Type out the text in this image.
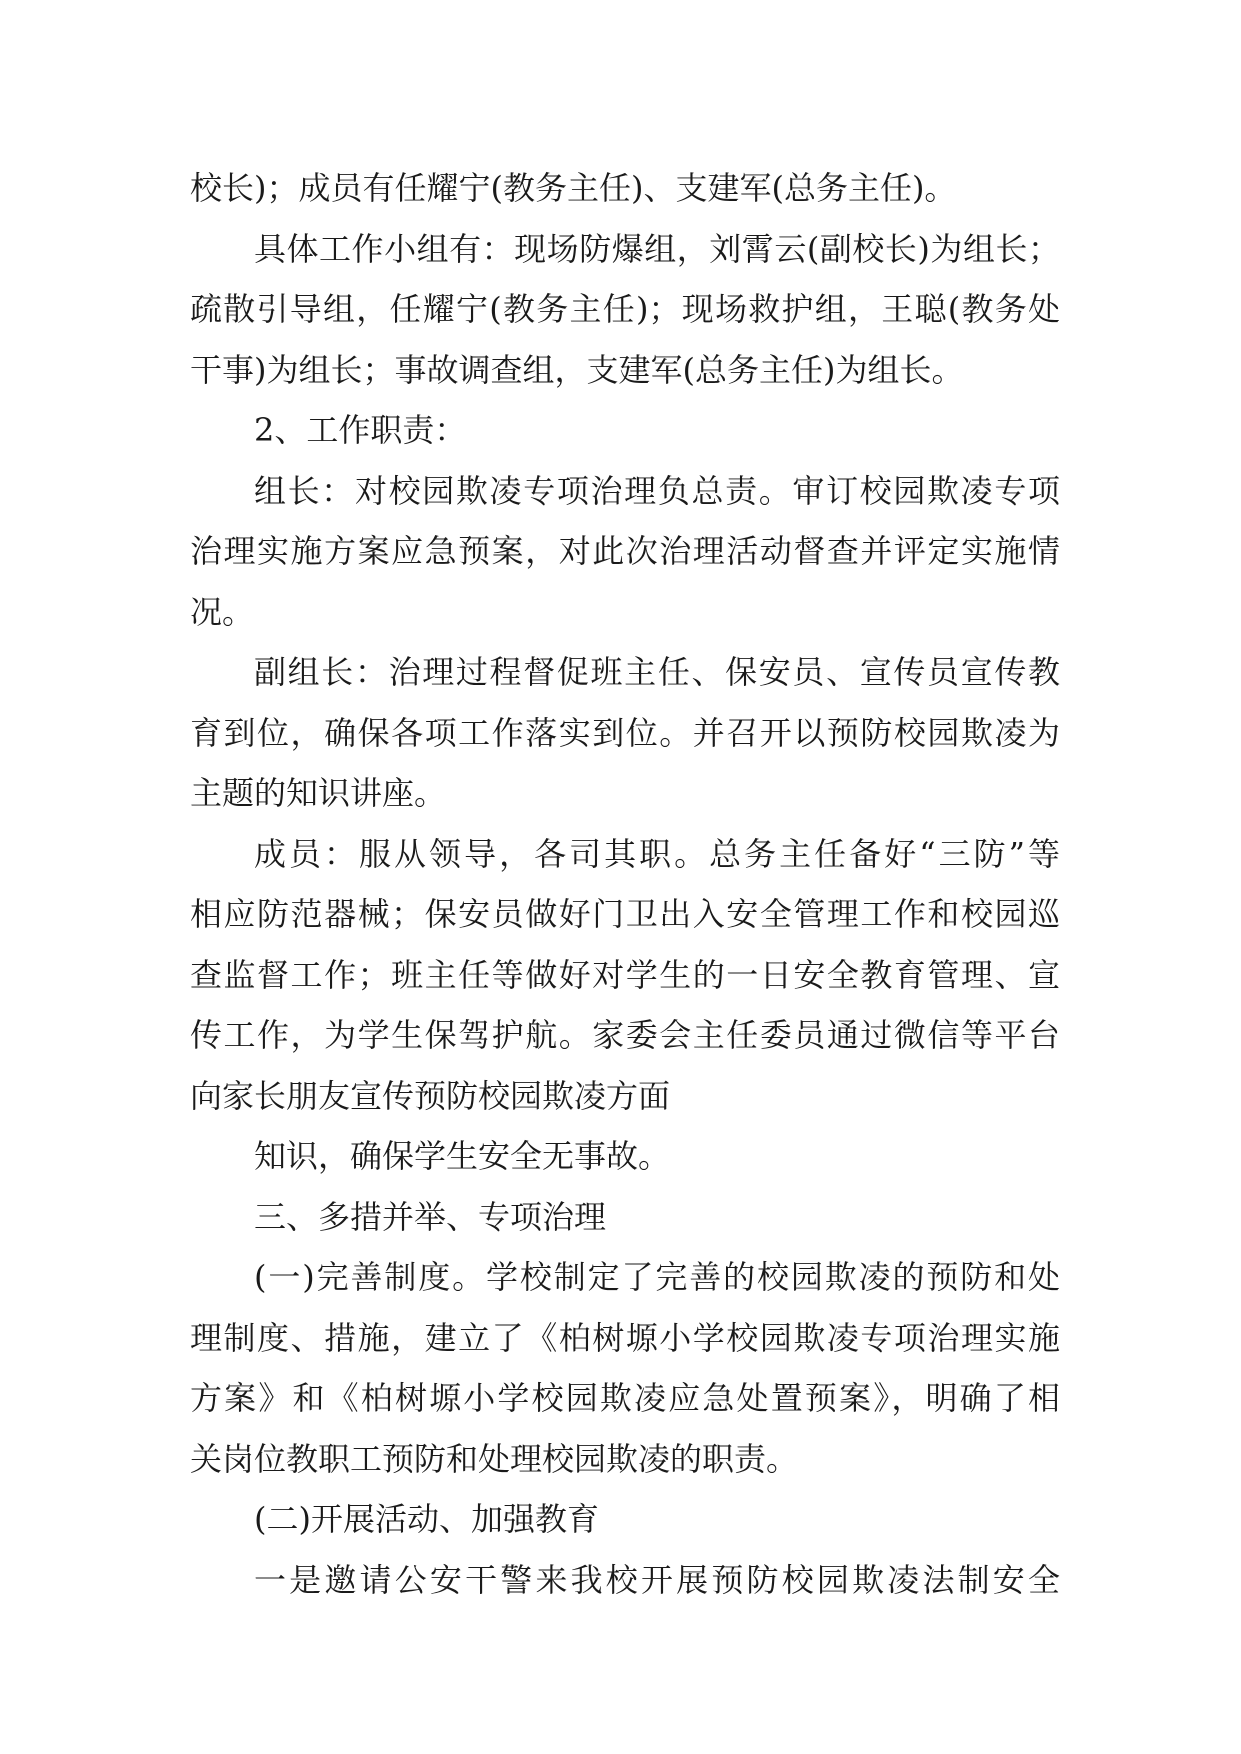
校长)；成员有任耀宁(教务主任)、支建军(总务主任)。
具体工作小组有：现场防爆组，刘霄云(副校长)为组长；
疏散引导组，任耀宁(教务主任)；现场救护组，王聪(教务处
干事)为组长；事故调查组，支建军(总务主任)为组长。
2、工作职责：
组长：对校园欺凌专项治理负总责。审订校园欺凌专项
治理实施方案应急预案，对此次治理活动督查并评定实施情
况。
副组长：治理过程督促班主任、保安员、宣传员宣传教
育到位，确保各项工作落实到位。并召开以预防校园欺凌为
主题的知识讲座。
成员：服从领导，各司其职。总务主任备好“三防”等
相应防范器械；保安员做好门卫出入安全管理工作和校园巡
查监督工作；班主任等做好对学生的一日安全教育管理、宣
传工作，为学生保驾护航。家委会主任委员通过微信等平台
向家长朋友宣传预防校园欺凌方面
知识，确保学生安全无事故。
三、多措并举、专项治理
(一)完善制度。学校制定了完善的校园欺凌的预防和处
理制度、措施，建立了《柏树塬小学校园欺凌专项治理实施
方案》和《柏树塬小学校园欺凌应急处置预案》，明确了相
关岗位教职工预防和处理校园欺凌的职责。
(二)开展活动、加强教育
一是邀请公安干警来我校开展预防校园欺凌法制安全
